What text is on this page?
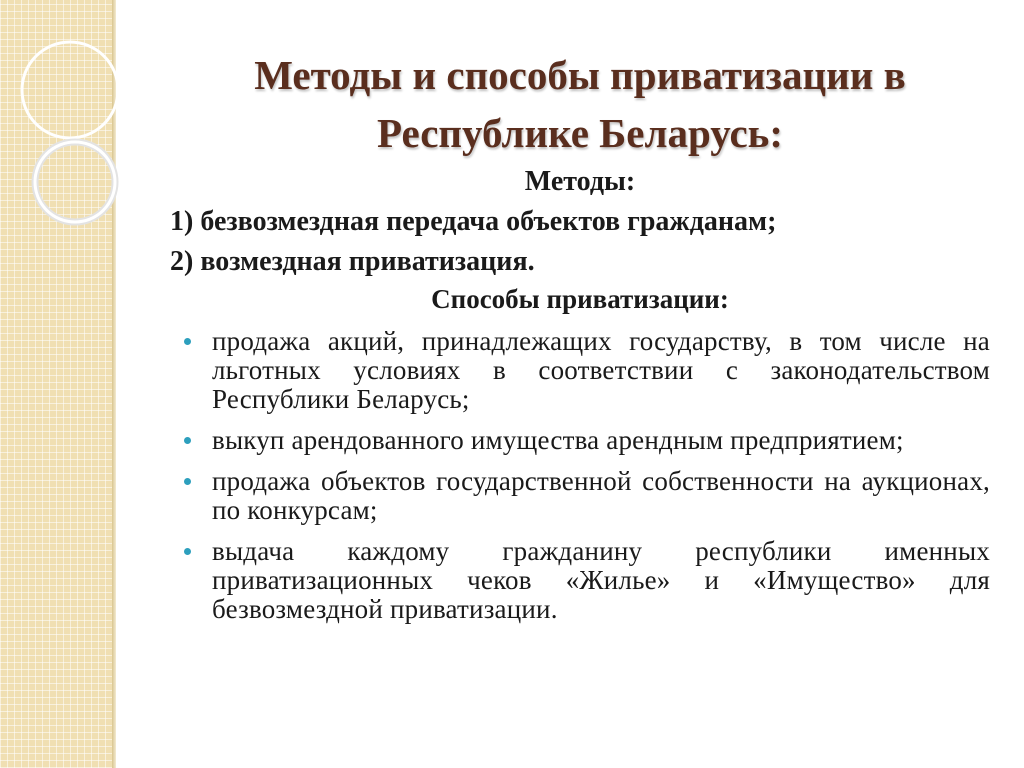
Методы и способы приватизации в
Республике Беларусь:
Методы:
1) безвозмездная передача объектов гражданам;
2) возмездная приватизация.
Способы приватизации:
продажа акций, принадлежащих государству, в том числе на льготных условиях в соответствии с законодательством Республики Беларусь;
выкуп арендованного имущества арендным предприятием;
продажа объектов государственной собственности на аукционах, по конкурсам;
выдача каждому гражданину республики именных приватизационных чеков «Жилье» и «Имущество» для безвозмездной приватизации.
